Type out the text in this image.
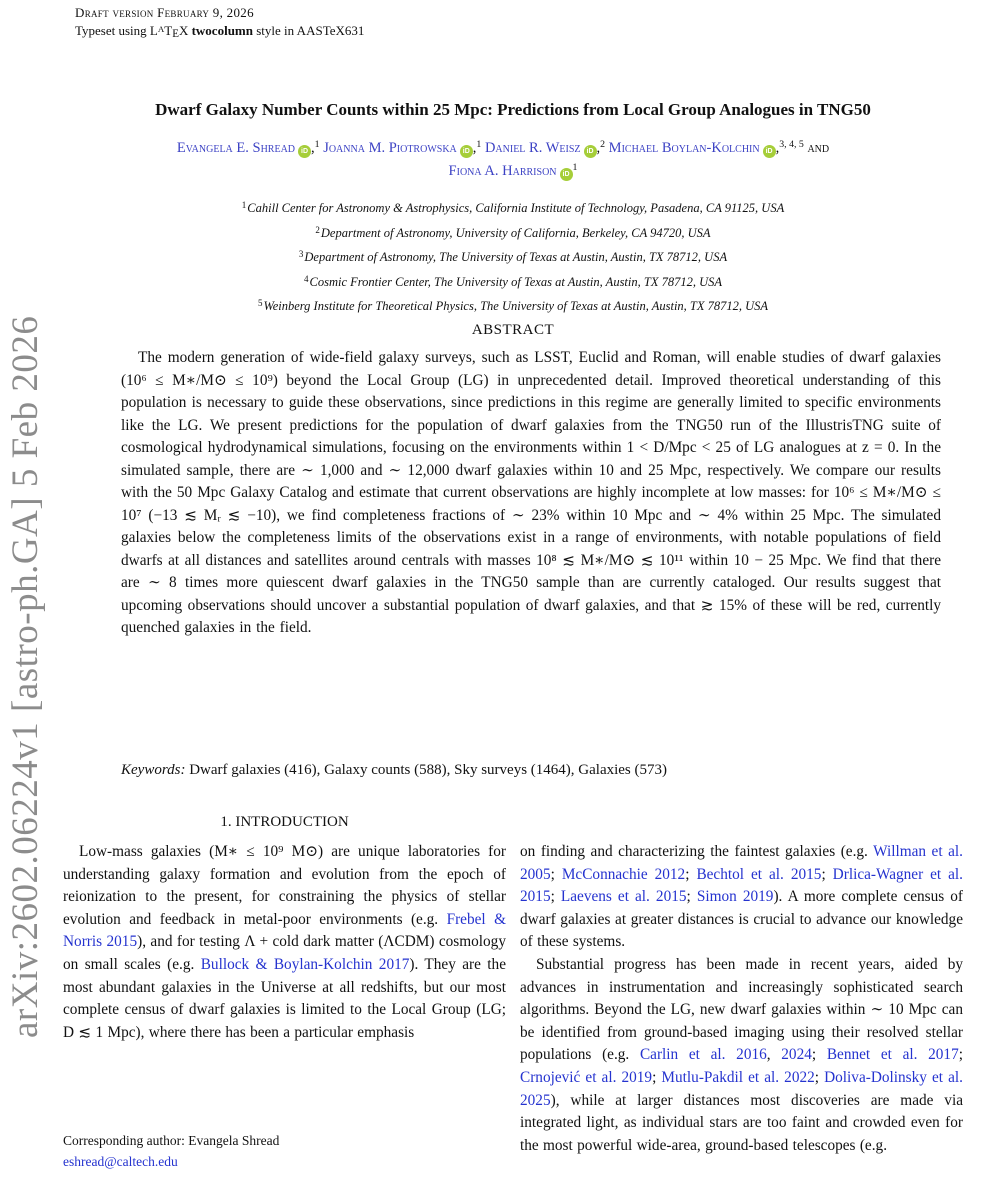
arXiv:2602.06224v1 [astro-ph.GA] 5 Feb 2026
Draft version February 9, 2026
Typeset using $L^ATEX$ twocolumn style in AASTeX631
Dwarf Galaxy Number Counts within 25 Mpc: Predictions from Local Group Analogues in TNG50
Evangela E. Shread iD ,$^1$ Joanna M. Piotrowska iD ,$^1$ Daniel R. Weisz iD ,$^2$ Michael Boylan-Kolchin iD ,$^{3, 4, 5}$ and
Fiona A. Harrison $iD^1$
$^1$Cahill Center for Astronomy & Astrophysics, California Institute of Technology, Pasadena, CA 91125, USA
$^2$Department of Astronomy, University of California, Berkeley, CA 94720, USA
$^3$Department of Astronomy, The University of Texas at Austin, Austin, TX 78712, USA
$^4$Cosmic Frontier Center, The University of Texas at Austin, Austin, TX 78712, USA
$^5$Weinberg Institute for Theoretical Physics, The University of Texas at Austin, Austin, TX 78712, USA
ABSTRACT
The modern generation of wide-field galaxy surveys, such as LSST, Euclid and Roman, will enable studies of dwarf galaxies (10⁶ ≤ M∗/M⊙ ≤ 10⁹) beyond the Local Group (LG) in unprecedented detail. Improved theoretical understanding of this population is necessary to guide these observations, since predictions in this regime are generally limited to specific environments like the LG. We present predictions for the population of dwarf galaxies from the TNG50 run of the IllustrisTNG suite of cosmological hydrodynamical simulations, focusing on the environments within 1 < D/Mpc < 25 of LG analogues at z = 0. In the simulated sample, there are ∼ 1,000 and ∼ 12,000 dwarf galaxies within 10 and 25 Mpc, respectively. We compare our results with the 50 Mpc Galaxy Catalog and estimate that current observations are highly incomplete at low masses: for 10⁶ ≤ M∗/M⊙ ≤ 10⁷ (−13 ≲ Mᵣ ≲ −10), we find completeness fractions of ∼ 23% within 10 Mpc and ∼ 4% within 25 Mpc. The simulated galaxies below the completeness limits of the observations exist in a range of environments, with notable populations of field dwarfs at all distances and satellites around centrals with masses 10⁸ ≲ M∗/M⊙ ≲ 10¹¹ within 10 − 25 Mpc. We find that there are ∼ 8 times more quiescent dwarf galaxies in the TNG50 sample than are currently cataloged. Our results suggest that upcoming observations should uncover a substantial population of dwarf galaxies, and that ≳ 15% of these will be red, currently quenched galaxies in the field.
Keywords: Dwarf galaxies (416), Galaxy counts (588), Sky surveys (1464), Galaxies (573)
1. INTRODUCTION

Low-mass galaxies (M∗ ≤ 10⁹ M⊙) are unique laboratories for understanding galaxy formation and evolution from the epoch of reionization to the present, for constraining the physics of stellar evolution and feedback in metal-poor environments (e.g. Frebel & Norris 2015), and for testing Λ + cold dark matter (ΛCDM) cosmology on small scales (e.g. Bullock & Boylan-Kolchin 2017). They are the most abundant galaxies in the Universe at all redshifts, but our most complete census of dwarf galaxies is limited to the Local Group (LG; D ≲ 1 Mpc), where there has been a particular emphasis

on finding and characterizing the faintest galaxies (e.g. Willman et al. 2005; McConnachie 2012; Bechtol et al. 2015; Drlica-Wagner et al. 2015; Laevens et al. 2015; Simon 2019). A more complete census of dwarf galaxies at greater distances is crucial to advance our knowledge of these systems.

Substantial progress has been made in recent years, aided by advances in instrumentation and increasingly sophisticated search algorithms. Beyond the LG, new dwarf galaxies within ∼ 10 Mpc can be identified from ground-based imaging using their resolved stellar populations (e.g. Carlin et al. 2016, 2024; Bennet et al. 2017; Crnojević et al. 2019; Mutlu-Pakdil et al. 2022; Doliva-Dolinsky et al. 2025), while at larger distances most discoveries are made via integrated light, as individual stars are too faint and crowded even for the most powerful wide-area, ground-based telescopes (e.g.

Corresponding author: Evangela Shread
eshread@caltech.edu
